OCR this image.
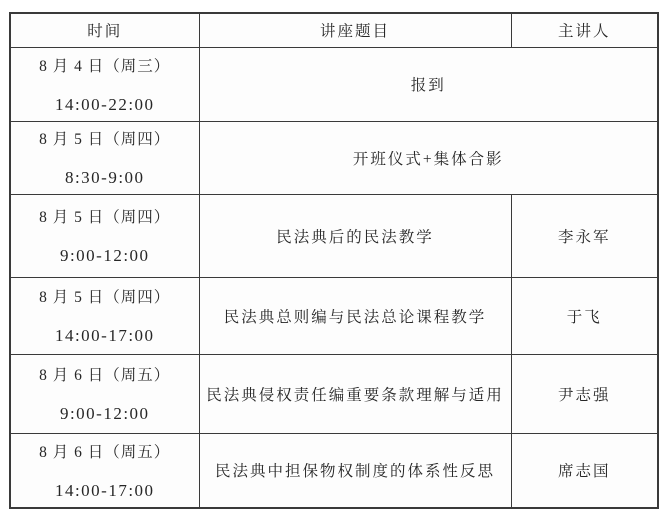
时间	讲座题目	主讲人

8 月 4 日（周三）
14:00-22:00	报到	

8 月 5 日（周四）
8:30-9:00	开班仪式+集体合影	

8 月 5 日（周四）
9:00-12:00	民法典后的民法教学	李永军

8 月 5 日（周四）
14:00-17:00	民法典总则编与民法总论课程教学	于飞

8 月 6 日（周五）
9:00-12:00	民法典侵权责任编重要条款理解与适用	尹志强

8 月 6 日（周五）
14:00-17:00	民法典中担保物权制度的体系性反思	席志国
